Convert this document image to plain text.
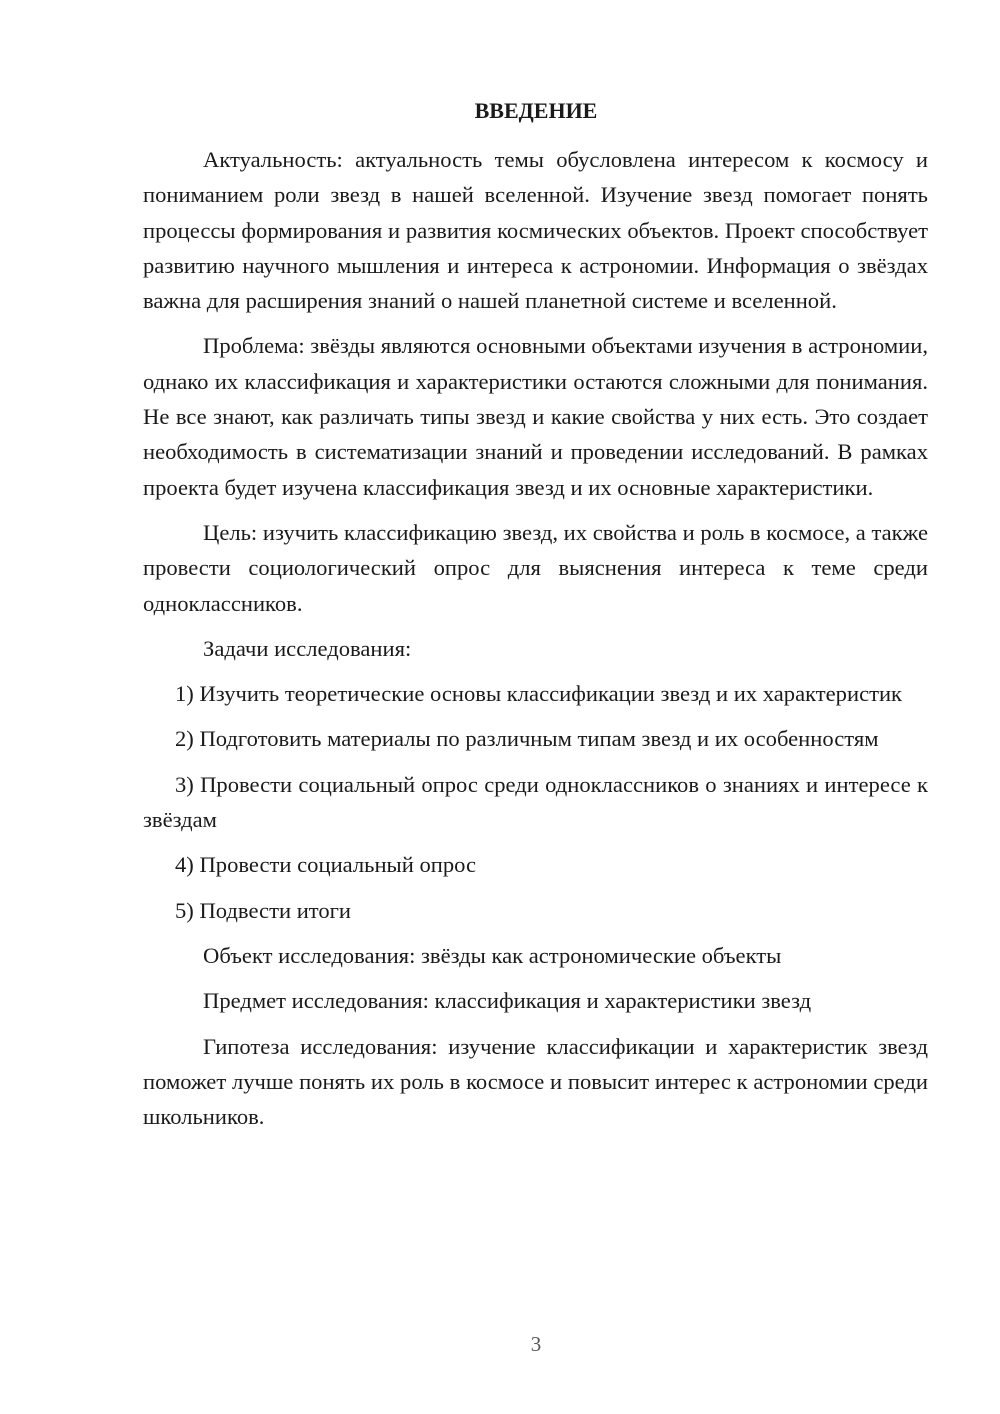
ВВЕДЕНИЕ

Актуальность: актуальность темы обусловлена интересом к космосу и пониманием роли звезд в нашей вселенной. Изучение звезд помогает понять процессы формирования и развития космических объектов. Проект способствует развитию научного мышления и интереса к астрономии. Информация о звёздах важна для расширения знаний о нашей планетной системе и вселенной.

Проблема: звёзды являются основными объектами изучения в астрономии, однако их классификация и характеристики остаются сложными для понимания. Не все знают, как различать типы звезд и какие свойства у них есть. Это создает необходимость в систематизации знаний и проведении исследований. В рамках проекта будет изучена классификация звезд и их основные характеристики.

Цель: изучить классификацию звезд, их свойства и роль в космосе, а также провести социологический опрос для выяснения интереса к теме среди одноклассников.

Задачи исследования:

1) Изучить теоретические основы классификации звезд и их характеристик

2) Подготовить материалы по различным типам звезд и их особенностям

3) Провести социальный опрос среди одноклассников о знаниях и интересе к звёздам

4) Провести социальный опрос

5) Подвести итоги

Объект исследования: звёзды как астрономические объекты

Предмет исследования: классификация и характеристики звезд

Гипотеза исследования: изучение классификации и характеристик звезд поможет лучше понять их роль в космосе и повысит интерес к астрономии среди школьников.

3
